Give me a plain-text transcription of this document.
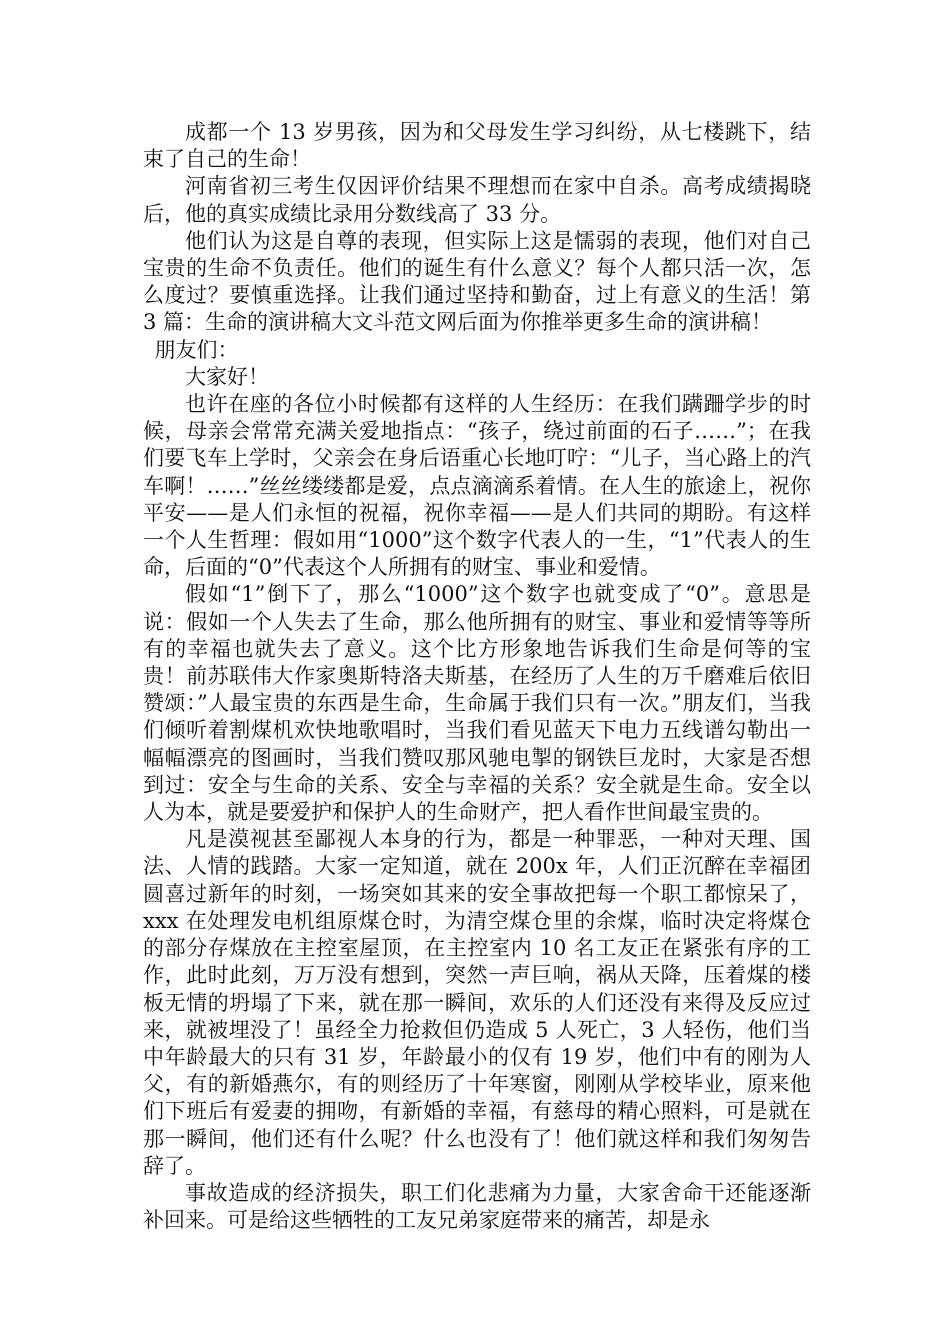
成都一个 13 岁男孩，因为和父母发生学习纠纷，从七楼跳下，结束了自己的生命！

河南省初三考生仅因评价结果不理想而在家中自杀。高考成绩揭晓后，他的真实成绩比录用分数线高了 33 分。

他们认为这是自尊的表现，但实际上这是懦弱的表现，他们对自己宝贵的生命不负责任。他们的诞生有什么意义？每个人都只活一次，怎么度过？要慎重选择。让我们通过坚持和勤奋，过上有意义的生活！第 3 篇：生命的演讲稿大文斗范文网后面为你推举更多生命的演讲稿！

朋友们：

大家好！

也许在座的各位小时候都有这样的人生经历：在我们蹒跚学步的时候，母亲会常常充满关爱地指点：“孩子，绕过前面的石子……”；在我们要飞车上学时，父亲会在身后语重心长地叮咛：“儿子，当心路上的汽车啊！……”丝丝缕缕都是爱，点点滴滴系着情。在人生的旅途上，祝你平安——是人们永恒的祝福，祝你幸福——是人们共同的期盼。有这样一个人生哲理：假如用“1000”这个数字代表人的一生，“1”代表人的生命，后面的“0”代表这个人所拥有的财宝、事业和爱情。

假如“1”倒下了，那么“1000”这个数字也就变成了“0”。意思是说：假如一个人失去了生命，那么他所拥有的财宝、事业和爱情等等所有的幸福也就失去了意义。这个比方形象地告诉我们生命是何等的宝贵！前苏联伟大作家奥斯特洛夫斯基，在经历了人生的万千磨难后依旧赞颂：”人最宝贵的东西是生命，生命属于我们只有一次。”朋友们，当我们倾听着割煤机欢快地歌唱时，当我们看见蓝天下电力五线谱勾勒出一幅幅漂亮的图画时，当我们赞叹那风驰电掣的钢铁巨龙时，大家是否想到过：安全与生命的关系、安全与幸福的关系？安全就是生命。安全以人为本，就是要爱护和保护人的生命财产，把人看作世间最宝贵的。

凡是漠视甚至鄙视人本身的行为，都是一种罪恶，一种对天理、国法、人情的践踏。大家一定知道，就在 200x 年，人们正沉醉在幸福团圆喜过新年的时刻，一场突如其来的安全事故把每一个职工都惊呆了，xxx 在处理发电机组原煤仓时，为清空煤仓里的余煤，临时决定将煤仓的部分存煤放在主控室屋顶，在主控室内 10 名工友正在紧张有序的工作，此时此刻，万万没有想到，突然一声巨响，祸从天降，压着煤的楼板无情的坍塌了下来，就在那一瞬间，欢乐的人们还没有来得及反应过来，就被埋没了！虽经全力抢救但仍造成 5 人死亡，3 人轻伤，他们当中年龄最大的只有 31 岁，年龄最小的仅有 19 岁，他们中有的刚为人父，有的新婚燕尔，有的则经历了十年寒窗，刚刚从学校毕业，原来他们下班后有爱妻的拥吻，有新婚的幸福，有慈母的精心照料，可是就在那一瞬间，他们还有什么呢？什么也没有了！他们就这样和我们匆匆告辞了。

事故造成的经济损失，职工们化悲痛为力量，大家舍命干还能逐渐补回来。可是给这些牺牲的工友兄弟家庭带来的痛苦，却是永
